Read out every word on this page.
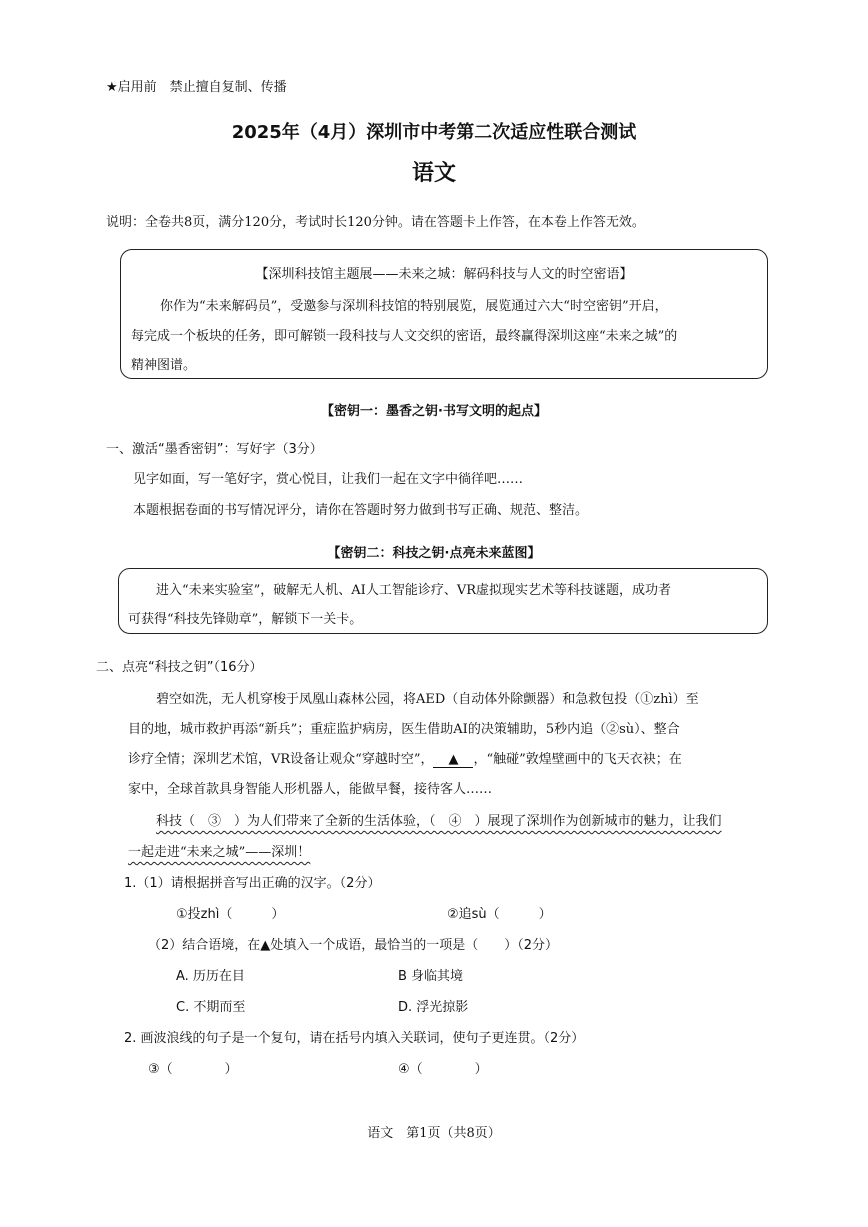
★启用前　禁止擅自复制、传播
2025年（4月）深圳市中考第二次适应性联合测试
语文
说明：全卷共8页，满分120分，考试时长120分钟。请在答题卡上作答，在本卷上作答无效。
【深圳科技馆主题展——未来之城：解码科技与人文的时空密语】
你作为“未来解码员”，受邀参与深圳科技馆的特别展览，展览通过六大“时空密钥”开启，
每完成一个板块的任务，即可解锁一段科技与人文交织的密语，最终赢得深圳这座“未来之城”的
精神图谱。
【密钥一：墨香之钥·书写文明的起点】
一、激活“墨香密钥”：写好字（3分）
见字如面，写一笔好字，赏心悦目，让我们一起在文字中徜徉吧……
本题根据卷面的书写情况评分，请你在答题时努力做到书写正确、规范、整洁。
【密钥二：科技之钥·点亮未来蓝图】
进入“未来实验室”，破解无人机、AI人工智能诊疗、VR虚拟现实艺术等科技谜题，成功者
可获得“科技先锋勋章”，解锁下一关卡。
二、点亮“科技之钥”（16分）
碧空如洗，无人机穿梭于凤凰山森林公园，将AED（自动体外除颤器）和急救包投（①zhì）至
目的地，城市救护再添“新兵”；重症监护病房，医生借助AI的决策辅助，5秒内追（②sù）、整合
诊疗全情；深圳艺术馆，VR设备让观众“穿越时空”， ▲ ，“触碰”敦煌壁画中的飞天衣袂；在
家中，全球首款具身智能人形机器人，能做早餐，接待客人……
科技（　③　）为人们带来了全新的生活体验，（　④　）展现了深圳作为创新城市的魅力，让我们
一起走进“未来之城”——深圳！
1.（1）请根据拼音写出正确的汉字。（2分）
①投zhì（　　　）	②追sù（　　　）
（2）结合语境，在▲处填入一个成语，最恰当的一项是（　　）（2分）
A. 历历在目	B 身临其境
C. 不期而至	D. 浮光掠影
2. 画波浪线的句子是一个复句，请在括号内填入关联词，使句子更连贯。（2分）
③（　　　　）	④（　　　　）
语文　第1页（共8页）
